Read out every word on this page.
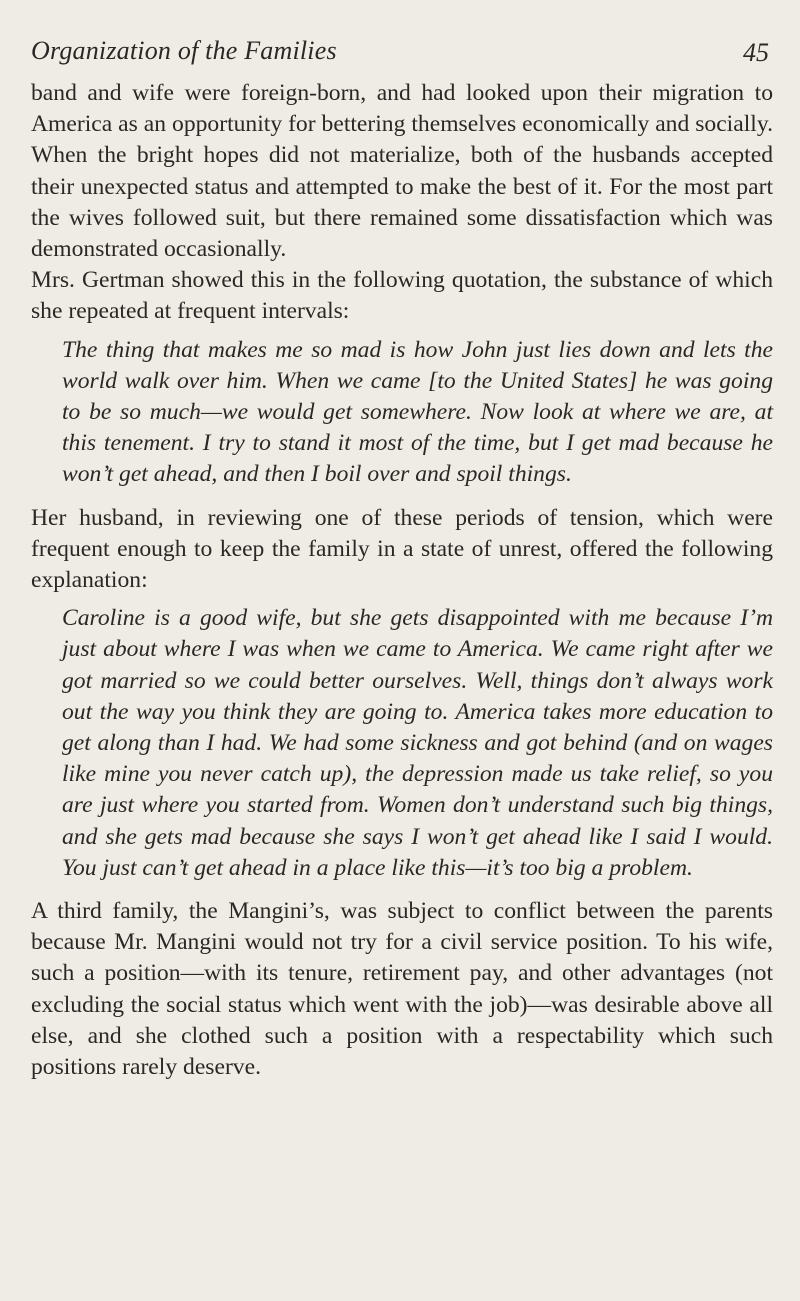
Organization of the Families	45

band and wife were foreign-born, and had looked upon their migration to America as an opportunity for bettering themselves economically and socially. When the bright hopes did not materialize, both of the husbands accepted their unexpected status and attempted to make the best of it. For the most part the wives followed suit, but there remained some dissatisfaction which was demonstrated occasionally.

Mrs. Gertman showed this in the following quotation, the substance of which she repeated at frequent intervals:

The thing that makes me so mad is how John just lies down and lets the world walk over him. When we came [to the United States] he was going to be so much—we would get somewhere. Now look at where we are, at this tenement. I try to stand it most of the time, but I get mad because he won’t get ahead, and then I boil over and spoil things.

Her husband, in reviewing one of these periods of tension, which were frequent enough to keep the family in a state of unrest, offered the following explanation:

Caroline is a good wife, but she gets disappointed with me because I’m just about where I was when we came to America. We came right after we got married so we could better ourselves. Well, things don’t always work out the way you think they are going to. America takes more education to get along than I had. We had some sickness and got behind (and on wages like mine you never catch up), the depression made us take relief, so you are just where you started from. Women don’t understand such big things, and she gets mad because she says I won’t get ahead like I said I would. You just can’t get ahead in a place like this—it’s too big a problem.

A third family, the Mangini’s, was subject to conflict between the parents because Mr. Mangini would not try for a civil service position. To his wife, such a position—with its tenure, retirement pay, and other advantages (not excluding the social status which went with the job)—was desirable above all else, and she clothed such a position with a respectability which such positions rarely deserve.
